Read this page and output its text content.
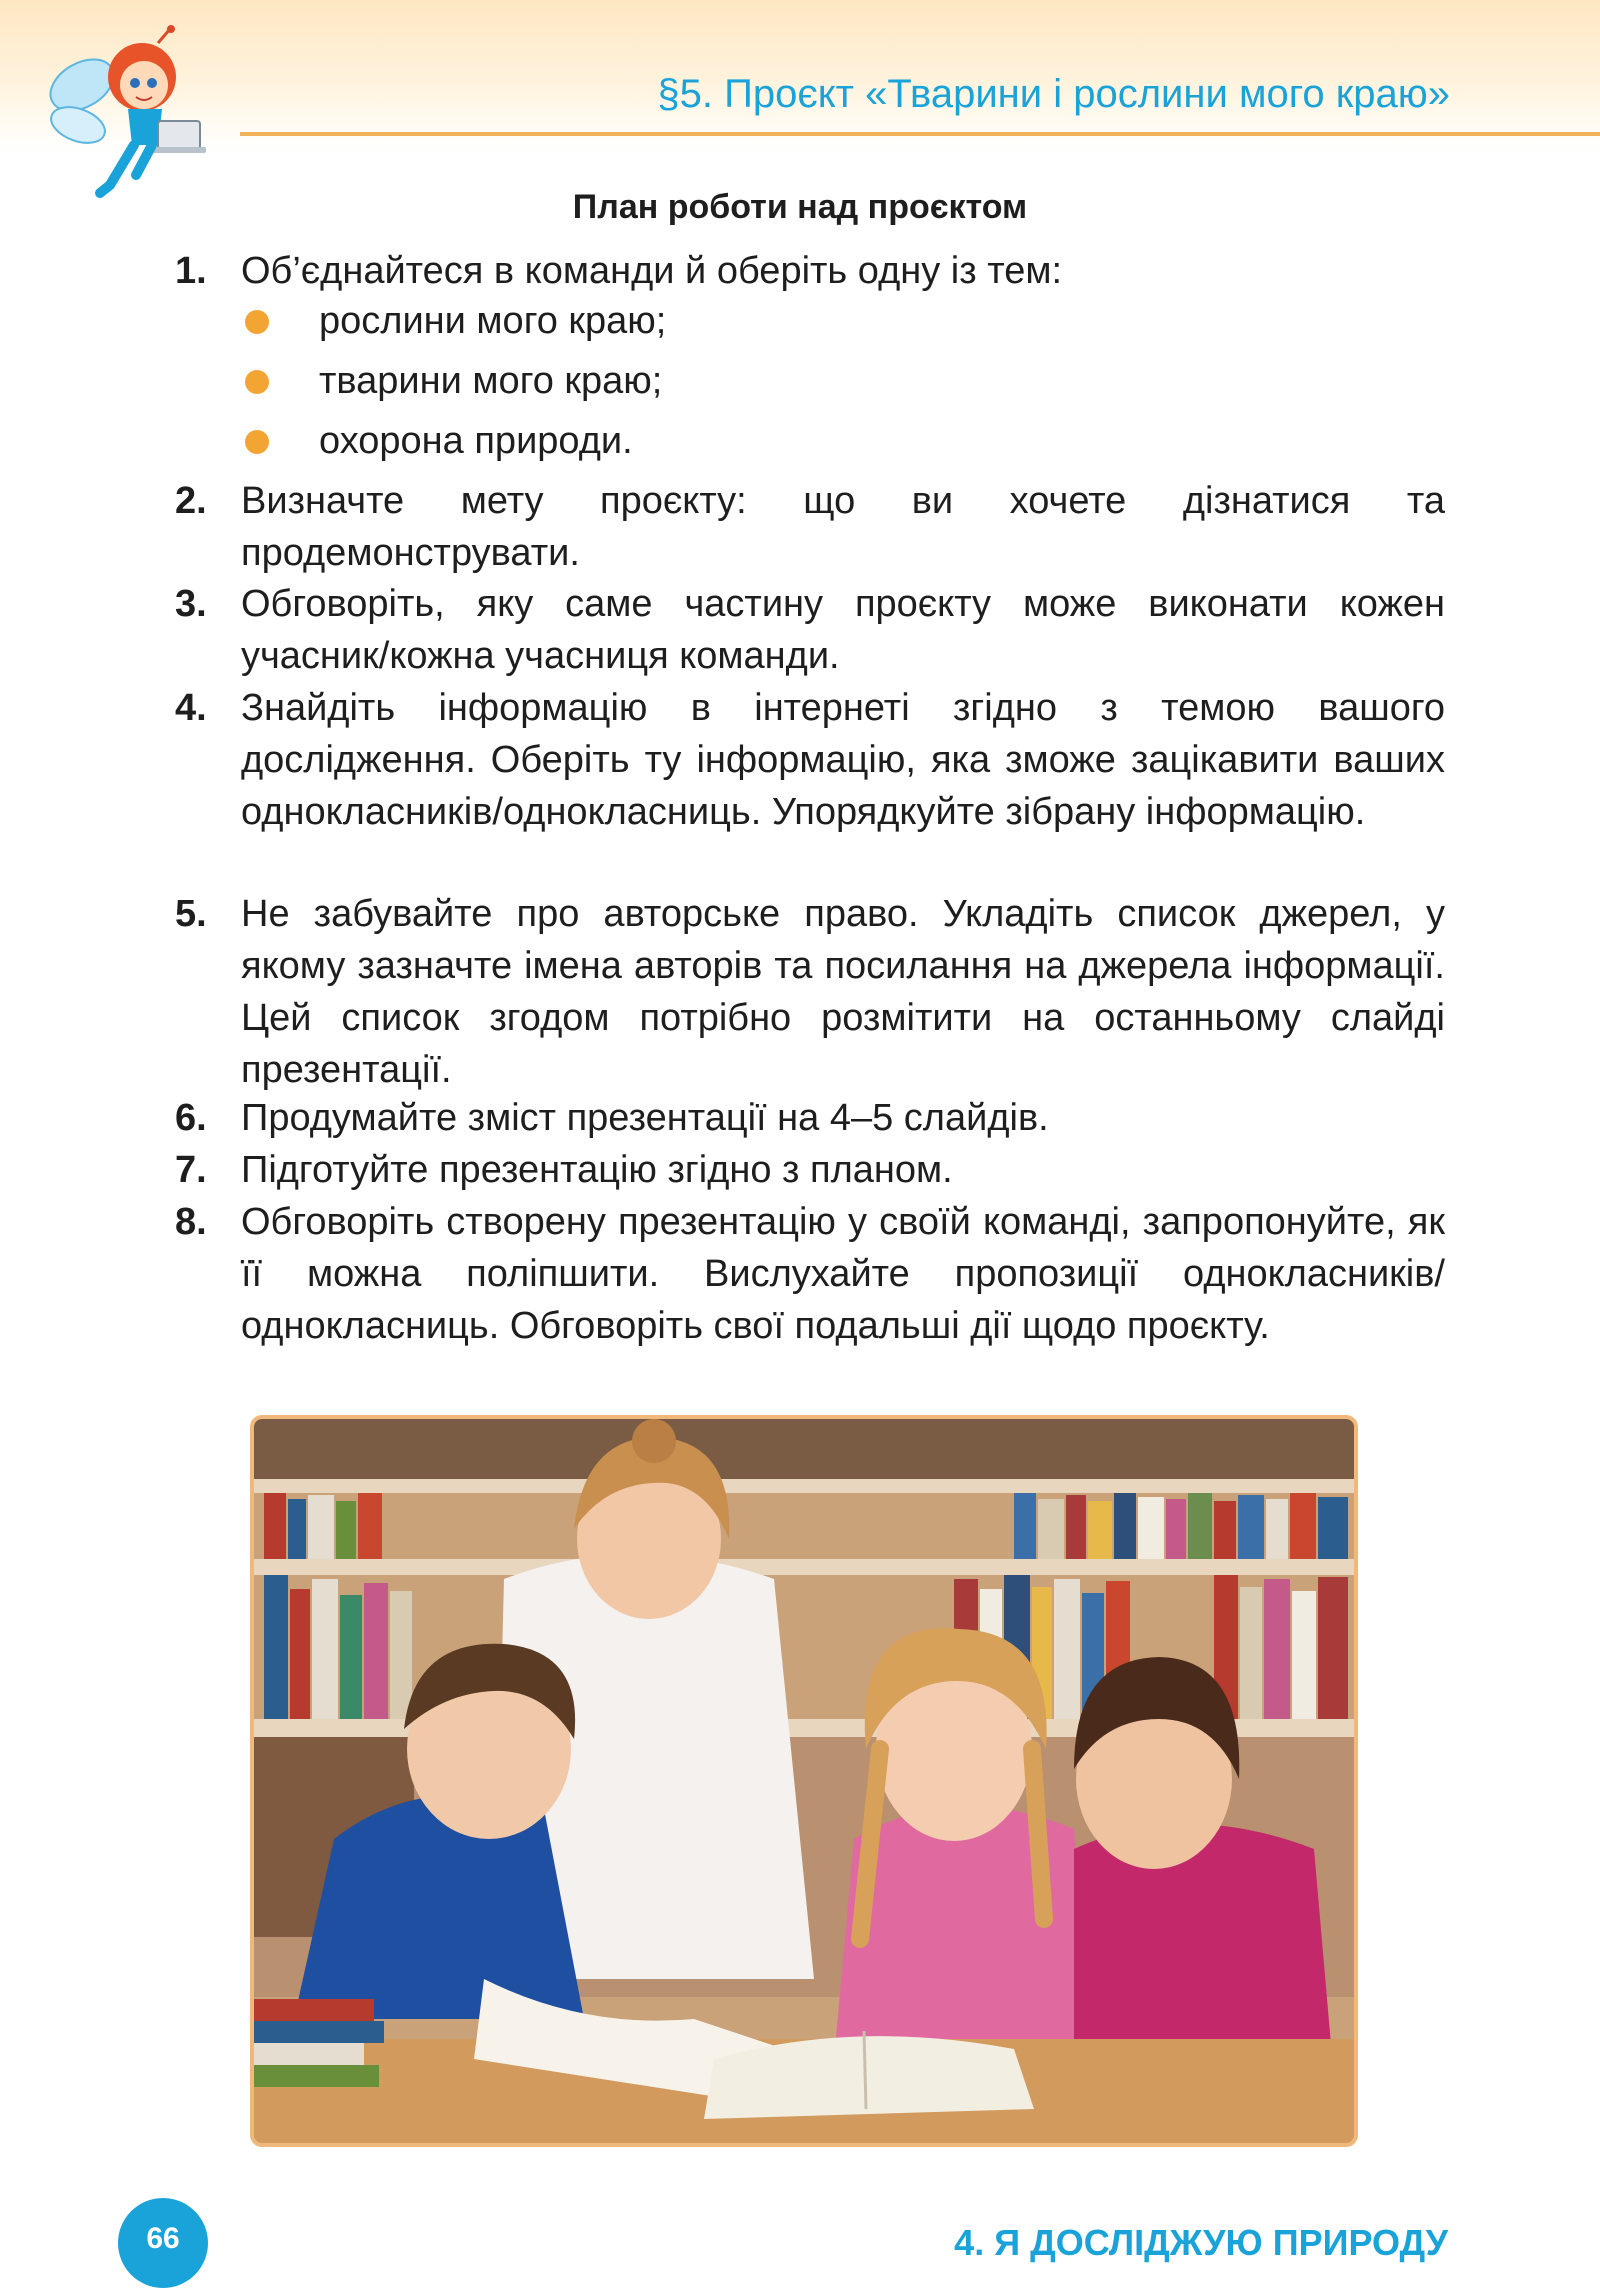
§5. Проєкт «Тварини і рослини мого краю»
План роботи над проєктом
1. Об’єднайтеся в команди й оберіть одну із тем:
рослини мого краю;
тварини мого краю;
охорона природи.
2. Визначте мету проєкту: що ви хочете дізнатися та продемонструвати.
3. Обговоріть, яку саме частину проєкту може виконати кожен учасник/кожна учасниця команди.
4. Знайдіть інформацію в інтернеті згідно з темою вашого дослідження. Оберіть ту інформацію, яка зможе зацікавити ваших однокласників/однокласниць. Упорядкуйте зібрану інформацію.
5. Не забувайте про авторське право. Укладіть список джерел, у якому зазначте імена авторів та посилання на джерела інформації. Цей список згодом потрібно розмітити на останньому слайді презентації.
6. Продумайте зміст презентації на 4–5 слайдів.
7. Підготуйте презентацію згідно з планом.
8. Обговоріть створену презентацію у своїй команді, запропонуйте, як її можна поліпшити. Вислухайте пропозиції однокласників/однокласниць. Обговоріть свої подальші дії щодо проєкту.
66	4. Я ДОСЛІДЖУЮ ПРИРОДУ
